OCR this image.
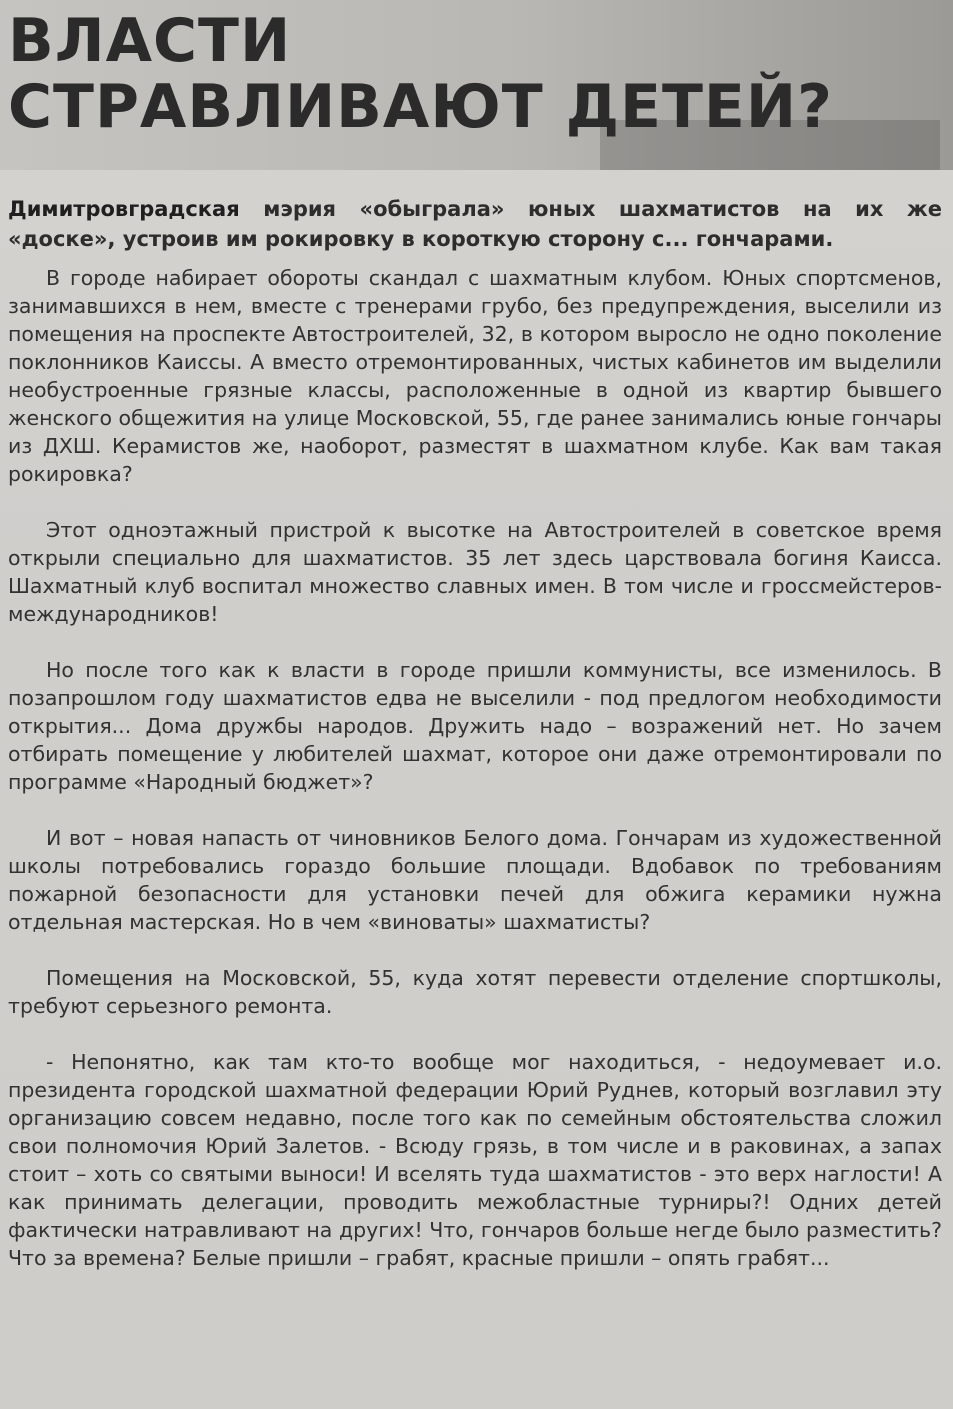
ВЛАСТИ
СТРАВЛИВАЮТ ДЕТЕЙ?

Димитровградская мэрия «обыграла» юных шахматистов на их же «доске», устроив им рокировку в короткую сторону с... гончарами.

В городе набирает обороты скандал с шахматным клубом. Юных спортсменов, занимавшихся в нем, вместе с тренерами грубо, без предупреждения, выселили из помещения на проспекте Автостроителей, 32, в котором выросло не одно поколение поклонников Каиссы. А вместо отремонтированных, чистых кабинетов им выделили необустроенные грязные классы, расположенные в одной из квартир бывшего женского общежития на улице Московской, 55, где ранее занимались юные гончары из ДХШ. Керамистов же, наоборот, разместят в шахматном клубе. Как вам такая рокировка?

Этот одноэтажный пристрой к высотке на Автостроителей в советское время открыли специально для шахматистов. 35 лет здесь царствовала богиня Каисса. Шахматный клуб воспитал множество славных имен. В том числе и гроссмейстеров-международников!

Но после того как к власти в городе пришли коммунисты, все изменилось. В позапрошлом году шахматистов едва не выселили - под предлогом необходимости открытия... Дома дружбы народов. Дружить надо – возражений нет. Но зачем отбирать помещение у любителей шахмат, которое они даже отремонтировали по программе «Народный бюджет»?

И вот – новая напасть от чиновников Белого дома. Гончарам из художественной школы потребовались гораздо большие площади. Вдобавок по требованиям пожарной безопасности для установки печей для обжига керамики нужна отдельная мастерская. Но в чем «виноваты» шахматисты?

Помещения на Московской, 55, куда хотят перевести отделение спортшколы, требуют серьезного ремонта.

- Непонятно, как там кто-то вообще мог находиться, - недоумевает и.о. президента городской шахматной федерации Юрий Руднев, который возглавил эту организацию совсем недавно, после того как по семейным обстоятельства сложил свои полномочия Юрий Залетов. - Всюду грязь, в том числе и в раковинах, а запах стоит – хоть со святыми выноси! И вселять туда шахматистов - это верх наглости! А как принимать делегации, проводить межобластные турниры?! Одних детей фактически натравливают на других! Что, гончаров больше негде было разместить? Что за времена? Белые пришли – грабят, красные пришли – опять грабят...
